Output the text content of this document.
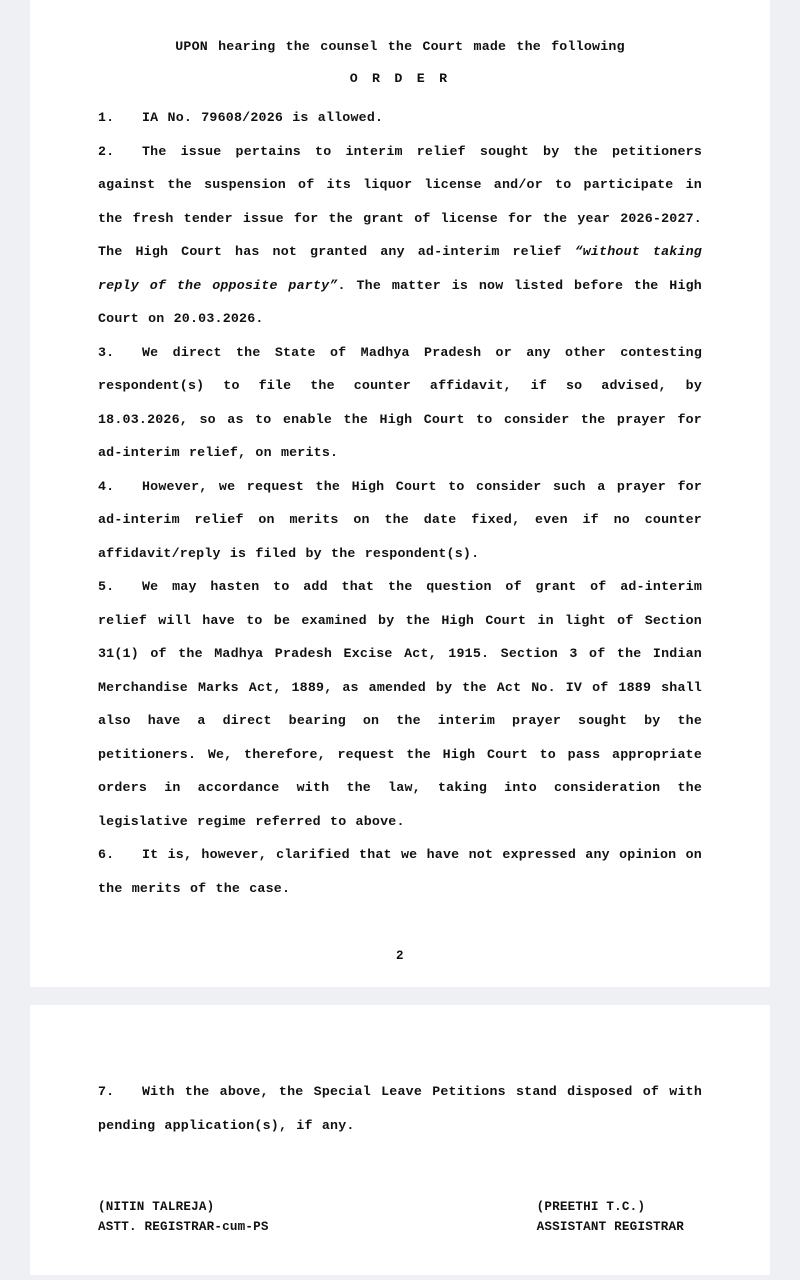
UPON hearing the counsel the Court made the following
O R D E R

1. IA No. 79608/2026 is allowed.

2. The issue pertains to interim relief sought by the petitioners against the suspension of its liquor license and/or to participate in the fresh tender issue for the grant of license for the year 2026-2027. The High Court has not granted any ad-interim relief “without taking reply of the opposite party”. The matter is now listed before the High Court on 20.03.2026.

3. We direct the State of Madhya Pradesh or any other contesting respondent(s) to file the counter affidavit, if so advised, by 18.03.2026, so as to enable the High Court to consider the prayer for ad-interim relief, on merits.

4. However, we request the High Court to consider such a prayer for ad-interim relief on merits on the date fixed, even if no counter affidavit/reply is filed by the respondent(s).

5. We may hasten to add that the question of grant of ad-interim relief will have to be examined by the High Court in light of Section 31(1) of the Madhya Pradesh Excise Act, 1915. Section 3 of the Indian Merchandise Marks Act, 1889, as amended by the Act No. IV of 1889 shall also have a direct bearing on the interim prayer sought by the petitioners. We, therefore, request the High Court to pass appropriate orders in accordance with the law, taking into consideration the legislative regime referred to above.

6. It is, however, clarified that we have not expressed any opinion on the merits of the case.

2

7. With the above, the Special Leave Petitions stand disposed of with pending application(s), if any.

(NITIN TALREJA)
ASTT. REGISTRAR-cum-PS
(PREETHI T.C.)
ASSISTANT REGISTRAR
